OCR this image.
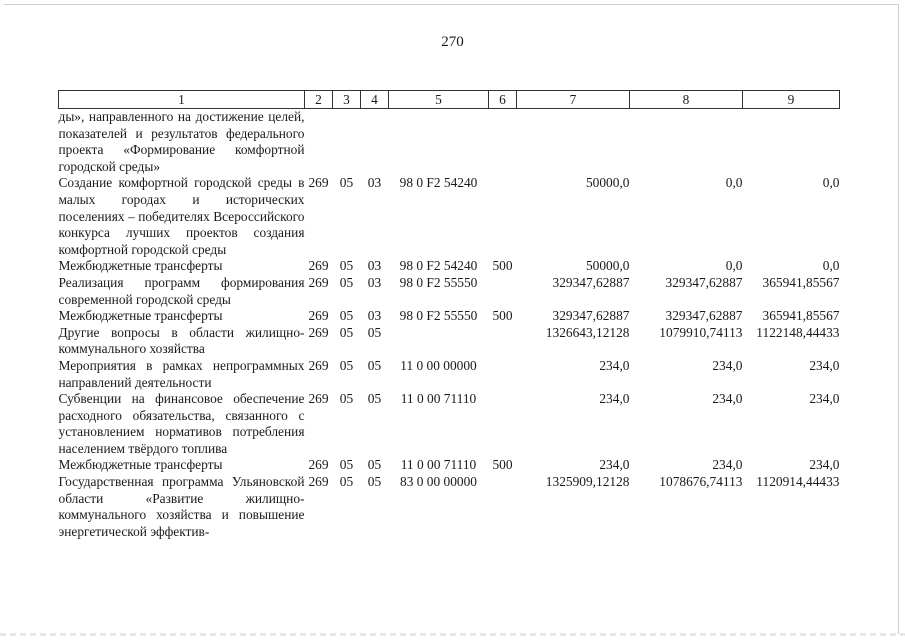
270
1	2	3	4	5	6	7	8	9
ды», направленного на достижение целей, показателей и результатов федерального проекта «Формирование комфортной городской среды»								
Создание комфортной городской среды в малых городах и исторических поселениях – победителях Всероссийского конкурса лучших проектов создания комфортной городской среды	269	05	03	98 0 F2 54240		50000,0	0,0	0,0
Межбюджетные трансферты	269	05	03	98 0 F2 54240	500	50000,0	0,0	0,0
Реализация программ формирования современной городской среды	269	05	03	98 0 F2 55550		329347,62887	329347,62887	365941,85567
Межбюджетные трансферты	269	05	03	98 0 F2 55550	500	329347,62887	329347,62887	365941,85567
Другие вопросы в области жилищно-коммунального хозяйства	269	05	05			1326643,12128	1079910,74113	1122148,44433
Мероприятия в рамках непрограммных направлений деятельности	269	05	05	11 0 00 00000		234,0	234,0	234,0
Субвенции на финансовое обеспечение расходного обязательства, связанного с установлением нормативов потребления населением твёрдого топлива	269	05	05	11 0 00 71110		234,0	234,0	234,0
Межбюджетные трансферты	269	05	05	11 0 00 71110	500	234,0	234,0	234,0
Государственная программа Ульяновской области «Развитие жилищно-коммунального хозяйства и повышение энергетической эффектив-	269	05	05	83 0 00 00000		1325909,12128	1078676,74113	1120914,44433
